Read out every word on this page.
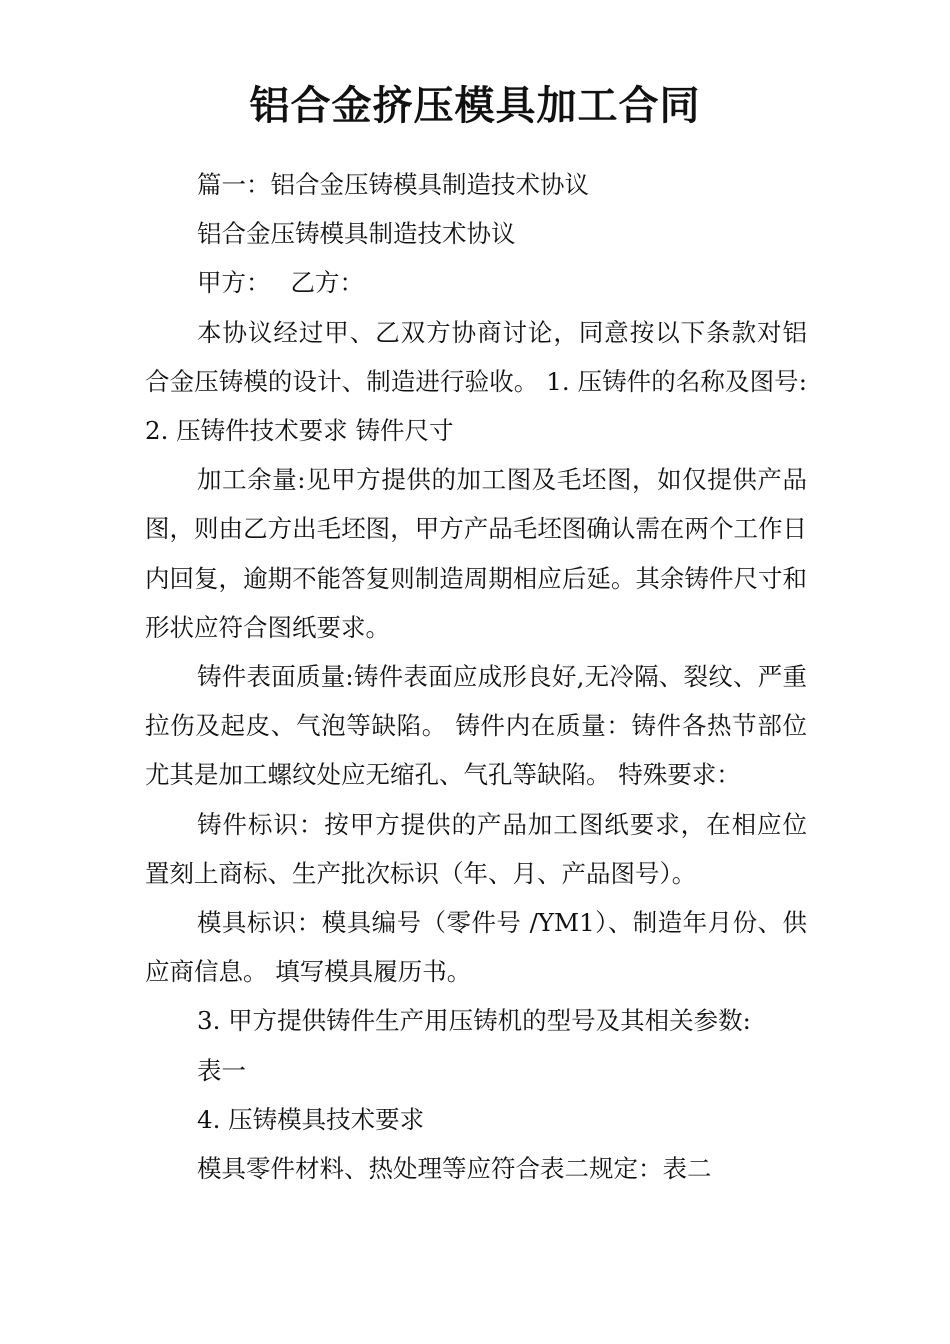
铝合金挤压模具加工合同

篇一：铝合金压铸模具制造技术协议

铝合金压铸模具制造技术协议

甲方：　 乙方：

本协议经过甲、乙双方协商讨论，同意按以下条款对铝合金压铸模的设计、制造进行验收。 1. 压铸件的名称及图号: 2. 压铸件技术要求 铸件尺寸

加工余量:见甲方提供的加工图及毛坯图，如仅提供产品图，则由乙方出毛坯图，甲方产品毛坯图确认需在两个工作日内回复，逾期不能答复则制造周期相应后延。其余铸件尺寸和形状应符合图纸要求。

铸件表面质量:铸件表面应成形良好,无冷隔、裂纹、严重拉伤及起皮、气泡等缺陷。 铸件内在质量：铸件各热节部位尤其是加工螺纹处应无缩孔、气孔等缺陷。 特殊要求：

铸件标识：按甲方提供的产品加工图纸要求，在相应位置刻上商标、生产批次标识（年、月、产品图号）。

模具标识：模具编号（零件号 /YM1）、制造年月份、供应商信息。 填写模具履历书。

3. 甲方提供铸件生产用压铸机的型号及其相关参数:

表一

4. 压铸模具技术要求

模具零件材料、热处理等应符合表二规定：表二
